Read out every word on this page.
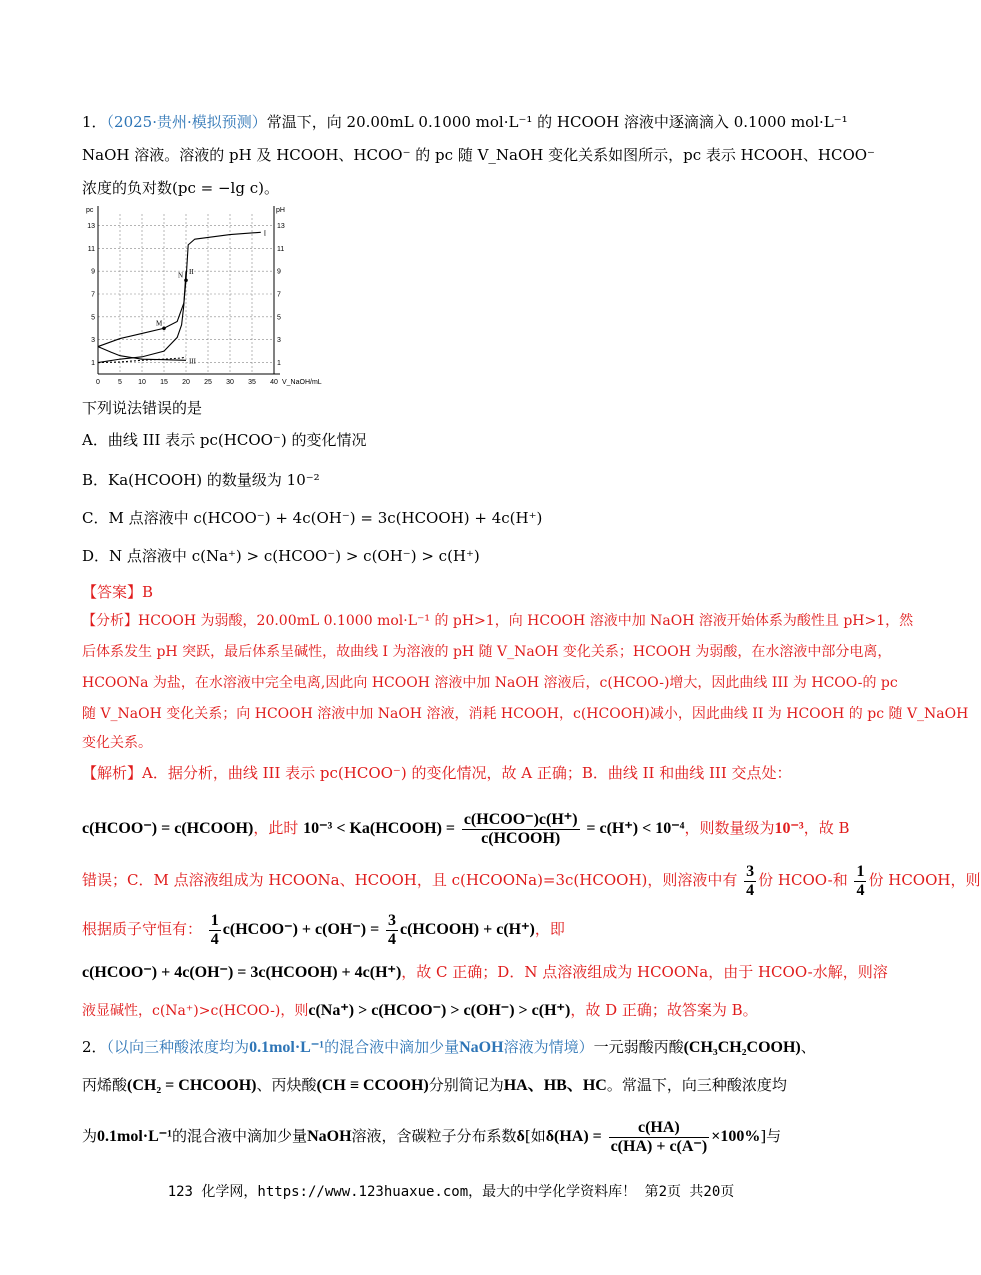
1．（2025·贵州·模拟预测）常温下，向 20.00mL 0.1000 mol·L⁻¹ 的 HCOOH 溶液中逐滴滴入 0.1000 mol·L⁻¹
NaOH 溶液。溶液的 pH 及 HCOOH、HCOO⁻ 的 pc 随 V_NaOH 变化关系如图所示，pc 表示 HCOOH、HCOO⁻
浓度的负对数(pc = −lg c)。
0	5 10 15 20 25 30 35 40
1	1
3	3
5	5
7	7
9	9
11	11
13	13
pc	pH
V_NaOH/mL
I
II
III
M
N
下列说法错误的是
A．曲线 III 表示 pc(HCOO⁻) 的变化情况
B．Ka(HCOOH) 的数量级为 10⁻²
C．M 点溶液中 c(HCOO⁻) + 4c(OH⁻) = 3c(HCOOH) + 4c(H⁺)
D．N 点溶液中 c(Na⁺) > c(HCOO⁻) > c(OH⁻) > c(H⁺)
【答案】B
【分析】HCOOH 为弱酸，20.00mL 0.1000 mol·L⁻¹ 的 pH>1，向 HCOOH 溶液中加 NaOH 溶液开始体系为酸性且 pH>1，然
后体系发生 pH 突跃，最后体系呈碱性，故曲线 I 为溶液的 pH 随 V_NaOH 变化关系；HCOOH 为弱酸，在水溶液中部分电离，
HCOONa 为盐，在水溶液中完全电离,因此向 HCOOH 溶液中加 NaOH 溶液后，c(HCOO-)增大，因此曲线 III 为 HCOO-的 pc
随 V_NaOH 变化关系；向 HCOOH 溶液中加 NaOH 溶液，消耗 HCOOH，c(HCOOH)减小，因此曲线 II 为 HCOOH 的 pc 随 V_NaOH
变化关系。
【解析】A．据分析，曲线 III 表示 pc(HCOO⁻) 的变化情况，故 A 正确；B．曲线 II 和曲线 III 交点处：
c(HCOO⁻) = c(HCOOH)，此时 10⁻³ < Ka(HCOOH) = $\frac{\text{c(HCOO⁻)c(H⁺)}}{\text{c(HCOOH)}} = c(H^+) < 10^{-4}$，则数量级为10⁻³，故 B
错误；C．M 点溶液组成为 HCOONa、HCOOH，且 c(HCOONa)=3c(HCOOH)，则溶液中有 $\frac{3}{4}$ 份 HCOO-和 $\frac{1}{4}$ 份 HCOOH，则
根据质子守恒有： $\frac{1}{4}$ c(HCOO⁻) + $c(OH^-) = \frac{3}{4}$ c(HCOOH) + c(H⁺)，即
c(HCOO⁻) + 4c(OH⁻) = 3c(HCOOH) + 4c(H⁺)，故 C 正确；D．N 点溶液组成为 HCOONa，由于 HCOO-水解，则溶
液显碱性，c(Na⁺)>c(HCOO-)，则c(Na⁺) > c(HCOO⁻) > c(OH⁻) > c(H⁺)，故 D 正确；故答案为 B。
2．（以向三种酸浓度均为0.1mol·L⁻¹的混合液中滴加少量NaOH溶液为情境）一元弱酸丙酸(CH₃CH₂COOH)、
丙烯酸(CH₂ = CHCOOH)、丙炔酸(CH ≡ CCOOH)分别简记为HA、HB、HC。常温下，向三种酸浓度均
为0.1mol·L⁻¹的混合液中滴加少量NaOH溶液，含碳粒子分布系数δ[如$\delta(HA) = \frac{c(HA)}{c(HA) + c(A^-)} \times 100\%$]与
123 化学网，https://www.123huaxue.com，最大的中学化学资料库！ 第2页 共20页
